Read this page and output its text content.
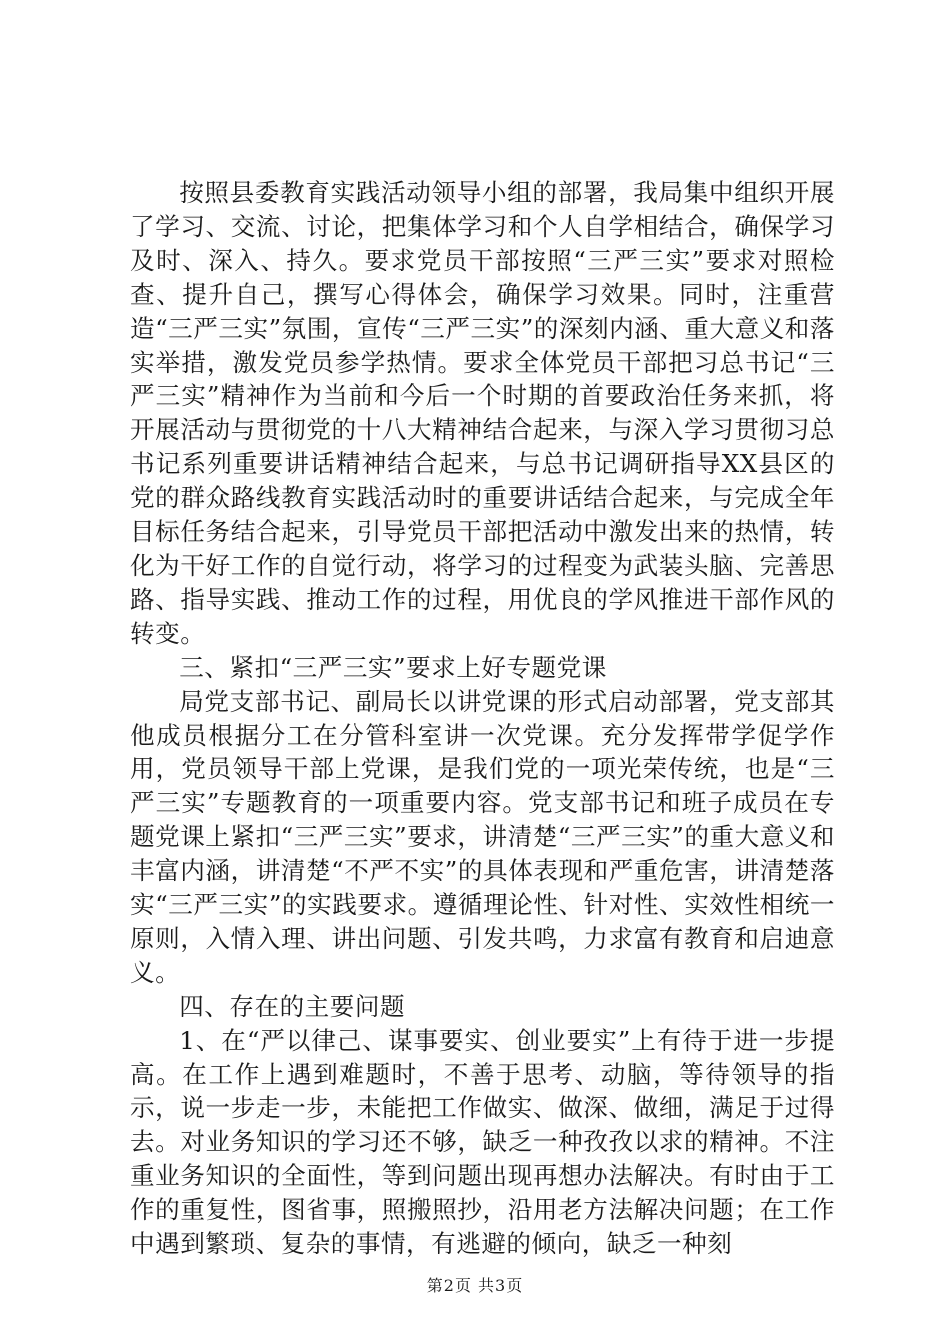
按照县委教育实践活动领导小组的部署，我局集中组织开展了学习、交流、讨论，把集体学习和个人自学相结合，确保学习及时、深入、持久。要求党员干部按照“三严三实”要求对照检查、提升自己，撰写心得体会，确保学习效果。同时，注重营造“三严三实”氛围，宣传“三严三实”的深刻内涵、重大意义和落实举措，激发党员参学热情。要求全体党员干部把习总书记“三严三实”精神作为当前和今后一个时期的首要政治任务来抓，将开展活动与贯彻党的十八大精神结合起来，与深入学习贯彻习总书记系列重要讲话精神结合起来，与总书记调研指导XX县区的党的群众路线教育实践活动时的重要讲话结合起来，与完成全年目标任务结合起来，引导党员干部把活动中激发出来的热情，转化为干好工作的自觉行动，将学习的过程变为武装头脑、完善思路、指导实践、推动工作的过程，用优良的学风推进干部作风的转变。

三、紧扣“三严三实”要求上好专题党课

局党支部书记、副局长以讲党课的形式启动部署，党支部其他成员根据分工在分管科室讲一次党课。充分发挥带学促学作用，党员领导干部上党课，是我们党的一项光荣传统，也是“三严三实”专题教育的一项重要内容。党支部书记和班子成员在专题党课上紧扣“三严三实”要求，讲清楚“三严三实”的重大意义和丰富内涵，讲清楚“不严不实”的具体表现和严重危害，讲清楚落实“三严三实”的实践要求。遵循理论性、针对性、实效性相统一原则，入情入理、讲出问题、引发共鸣，力求富有教育和启迪意义。

四、存在的主要问题

1、在“严以律己、谋事要实、创业要实”上有待于进一步提高。在工作上遇到难题时，不善于思考、动脑，等待领导的指示，说一步走一步，未能把工作做实、做深、做细，满足于过得去。对业务知识的学习还不够，缺乏一种孜孜以求的精神。不注重业务知识的全面性，等到问题出现再想办法解决。有时由于工作的重复性，图省事，照搬照抄，沿用老方法解决问题；在工作中遇到繁琐、复杂的事情，有逃避的倾向，缺乏一种刻

第2页 共3页
